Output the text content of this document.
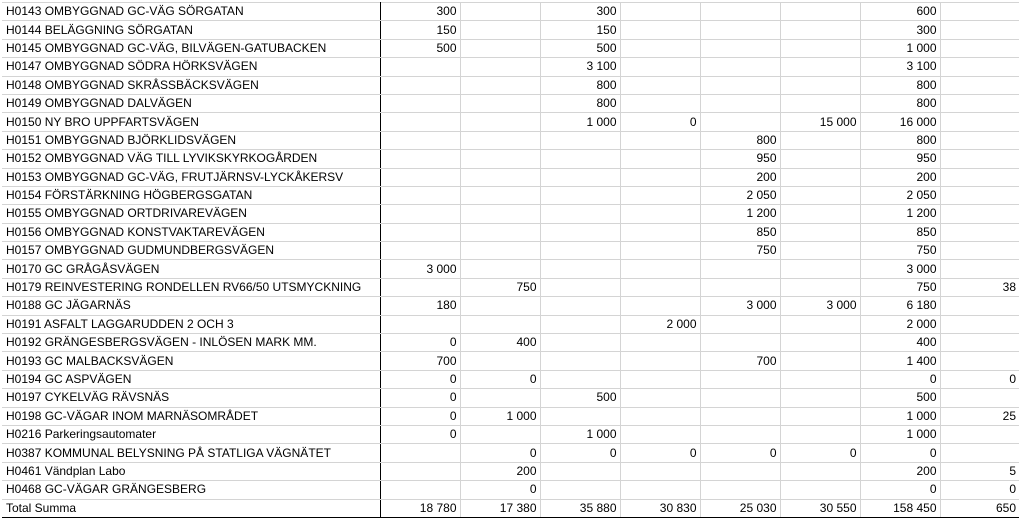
H0143 OMBYGGNAD GC-VÄG SÖRGATAN	300		300				600	
H0144 BELÄGGNING SÖRGATAN	150		150				300	
H0145 OMBYGGNAD GC-VÄG, BILVÄGEN-GATUBACKEN	500		500				1 000	
H0147 OMBYGGNAD SÖDRA HÖRKSVÄGEN			3 100				3 100	
H0148 OMBYGGNAD SKRÅSSBÄCKSVÄGEN			800				800	
H0149 OMBYGGNAD DALVÄGEN			800				800	
H0150 NY BRO UPPFARTSVÄGEN			1 000	0		15 000	16 000	
H0151 OMBYGGNAD BJÖRKLIDSVÄGEN					800		800	
H0152 OMBYGGNAD VÄG TILL LYVIKSKYRKOGÅRDEN					950		950	
H0153 OMBYGGNAD GC-VÄG, FRUTJÄRNSV-LYCKÅKERSV					200		200	
H0154 FÖRSTÄRKNING HÖGBERGSGATAN					2 050		2 050	
H0155 OMBYGGNAD ORTDRIVAREVÄGEN					1 200		1 200	
H0156 OMBYGGNAD KONSTVAKTAREVÄGEN					850		850	
H0157 OMBYGGNAD GUDMUNDBERGSVÄGEN					750		750	
H0170 GC GRÅGÅSVÄGEN	3 000						3 000	
H0179 REINVESTERING RONDELLEN RV66/50 UTSMYCKNING		750					750	38
H0188 GC JÄGARNÄS	180				3 000	3 000	6 180	
H0191 ASFALT LAGGARUDDEN 2 OCH 3				2 000			2 000	
H0192 GRÄNGESBERGSVÄGEN - INLÖSEN MARK MM.	0	400					400	
H0193 GC MALBACKSVÄGEN	700				700		1 400	
H0194 GC ASPVÄGEN	0	0					0	0
H0197 CYKELVÄG RÄVSNÄS	0		500				500	
H0198 GC-VÄGAR INOM MARNÄSOMRÅDET	0	1 000					1 000	25
H0216 Parkeringsautomater	0		1 000				1 000	
H0387 KOMMUNAL BELYSNING PÅ STATLIGA VÄGNÄTET		0	0	0	0	0	0	
H0461 Vändplan Labo		200					200	5
H0468 GC-VÄGAR GRÄNGESBERG		0					0	0
Total Summa	18 780	17 380	35 880	30 830	25 030	30 550	158 450	650
